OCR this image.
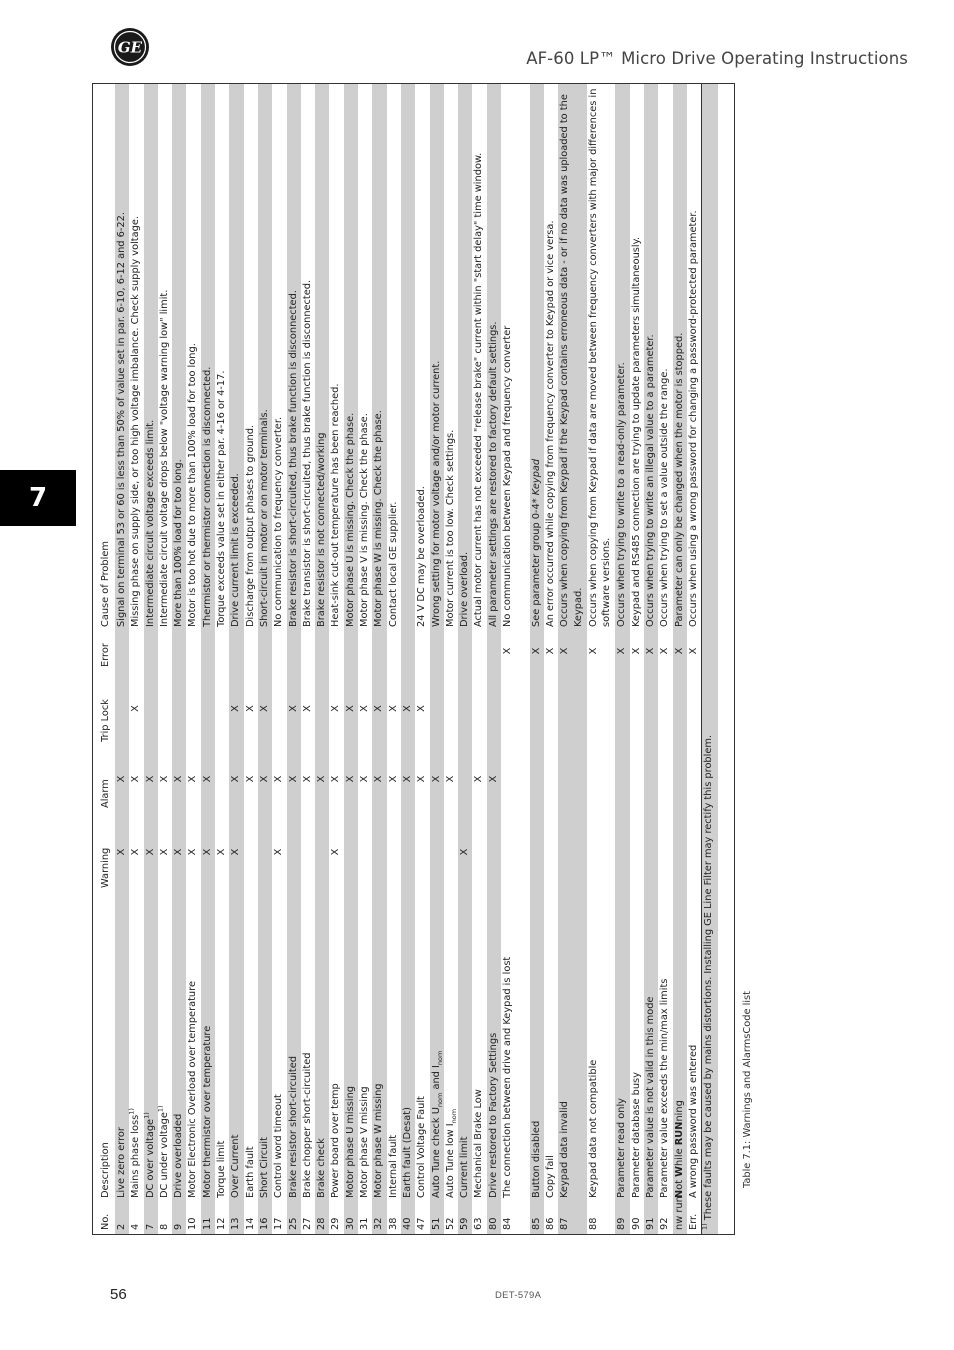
GE
AF-60 LP™ Micro Drive Operating Instructions
7
No.	Description	Warning	Alarm	Trip Lock	Error	Cause of Problem
2	Live zero error	X	X			Signal on terminal 53 or 60 is less than 50% of value set in par. 6-10, 6-12 and 6-22.
4	Mains phase loss$^{1)}$	X	X	X		Missing phase on supply side, or too high voltage imbalance. Check supply voltage.
7	DC over voltage$^{1)}$	X	X			Intermediate circuit voltage exceeds limit.
8	DC under voltage$^{1)}$	X	X			Intermediate circuit voltage drops below "voltage warning low" limit.
9	Drive overloaded	X	X			More than 100% load for too long.
10	Motor Electronic Overload over temperature	X	X			Motor is too hot due to more than 100% load for too long.
11	Motor thermistor over temperature	X	X			Thermistor or thermistor connection is disconnected.
12	Torque limit	X				Torque exceeds value set in either par. 4-16 or 4-17.
13	Over Current	X	X	X		Drive current limit is exceeded.
14	Earth fault		X	X		Discharge from output phases to ground.
16	Short Circuit		X	X		Short-circuit in motor or on motor terminals.
17	Control word timeout	X	X			No communication to frequency converter.
25	Brake resistor short-circuited		X	X		Brake resistor is short-circuited, thus brake function is disconnected.
27	Brake chopper short-circuited		X	X		Brake transistor is short-circuited, thus brake function is disconnected.
28	Brake check		X			Brake resistor is not connected/working
29	Power board over temp	X	X	X		Heat-sink cut-out temperature has been reached.
30	Motor phase U missing		X	X		Motor phase U is missing. Check the phase.
31	Motor phase V missing		X	X		Motor phase V is missing. Check the phase.
32	Motor phase W missing		X	X		Motor phase W is missing. Check the phase.
38	Internal fault		X	X		Contact local GE supplier.
40	Earth fault (Desat)		X	X		
47	Control Voltage Fault		X	X		24 V DC may be overloaded.
51	Auto Tune check $U_{nom}$ and $I_{nom}$		X			Wrong setting for motor voltage and/or motor current.
52	Auto Tune low $I_{nom}$		X			Motor current is too low. Check settings.
59	Current limit	X				Drive overload.
63	Mechanical Brake Low		X			Actual motor current has not exceeded "release brake" current within "start delay" time window.
80	Drive restored to Factory Settings		X			All parameter settings are restored to factory default settings.
84	The connection between drive and Keypad is lost				X	No communication between Keypad and frequency converter
85	Button disabled				X	See parameter group 0-4* Keypad
86	Copy fail				X	An error occurred while copying from frequency converter to Keypad or vice versa.
87	Keypad data invalid				X	Occurs when copying from Keypad if the Keypad contains erroneous data - or if no data was uploaded to the Keypad.
88	Keypad data not compatible				X	Occurs when copying from Keypad if data are moved between frequency converters with major differences in software versions.
89	Parameter read only				X	Occurs when trying to write to a read-only parameter.
90	Parameter database busy				X	Keypad and RS485 connection are trying to update parameters simultaneously.
91	Parameter value is not valid in this mode				X	Occurs when trying to write an illegal value to a parameter.
92	Parameter value exceeds the min/max limits				X	Occurs when trying to set a value outside the range.
nw run	Not While RUNning				X	Parameter can only be changed when the motor is stopped.
Err.	A wrong password was entered				X	Occurs when using a wrong password for changing a password-protected parameter.
$^{1)}$ These faults may be caused by mains distortions. Installing GE Line Filter may rectify this problem.							Table 7.1: Warnings and AlarmsCode list
56	DET-579A
